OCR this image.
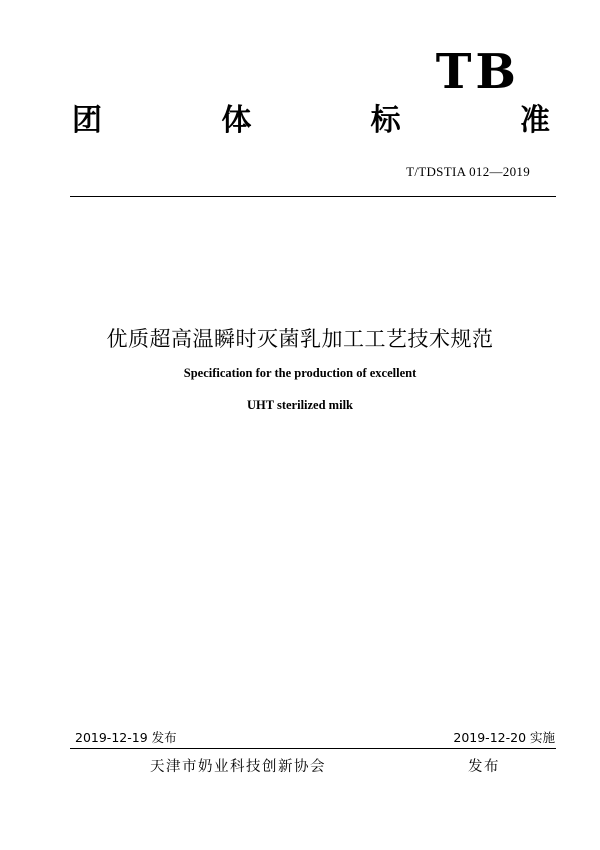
TB
团	体	标	准
T/TDSTIA 012—2019
优质超高温瞬时灭菌乳加工工艺技术规范
Specification for the production of excellent
UHT sterilized milk
2019-12-19 发布	2019-12-20 实施
天津市奶业科技创新协会	发布
